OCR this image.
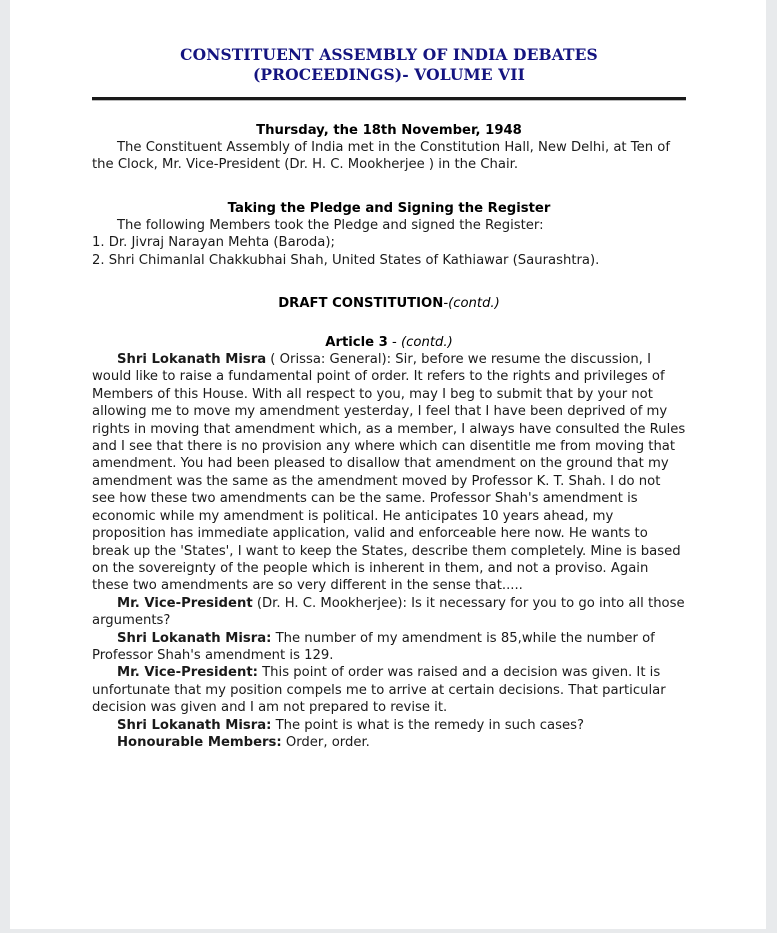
CONSTITUENT ASSEMBLY OF INDIA DEBATES
(PROCEEDINGS)- VOLUME VII
Thursday, the 18th November, 1948

The Constituent Assembly of India met in the Constitution Hall, New Delhi, at Ten of the Clock, Mr. Vice-President (Dr. H. C. Mookherjee ) in the Chair.

Taking the Pledge and Signing the Register

The following Members took the Pledge and signed the Register:

1. Dr. Jivraj Narayan Mehta (Baroda);

2. Shri Chimanlal Chakkubhai Shah, United States of Kathiawar (Saurashtra).

DRAFT CONSTITUTION-(contd.)
Article 3 - (contd.)

Shri Lokanath Misra ( Orissa: General): Sir, before we resume the discussion, I would like to raise a fundamental point of order. It refers to the rights and privileges of Members of this House. With all respect to you, may I beg to submit that by your not allowing me to move my amendment yesterday, I feel that I have been deprived of my rights in moving that amendment which, as a member, I always have consulted the Rules and I see that there is no provision any where which can disentitle me from moving that amendment. You had been pleased to disallow that amendment on the ground that my amendment was the same as the amendment moved by Professor K. T. Shah. I do not see how these two amendments can be the same. Professor Shah's amendment is economic while my amendment is political. He anticipates 10 years ahead, my proposition has immediate application, valid and enforceable here now. He wants to break up the 'States', I want to keep the States, describe them completely. Mine is based on the sovereignty of the people which is inherent in them, and not a proviso. Again these two amendments are so very different in the sense that.....

Mr. Vice-President (Dr. H. C. Mookherjee): Is it necessary for you to go into all those arguments?

Shri Lokanath Misra: The number of my amendment is 85,while the number of Professor Shah's amendment is 129.

Mr. Vice-President: This point of order was raised and a decision was given. It is unfortunate that my position compels me to arrive at certain decisions. That particular decision was given and I am not prepared to revise it.

Shri Lokanath Misra: The point is what is the remedy in such cases?

Honourable Members: Order, order.
